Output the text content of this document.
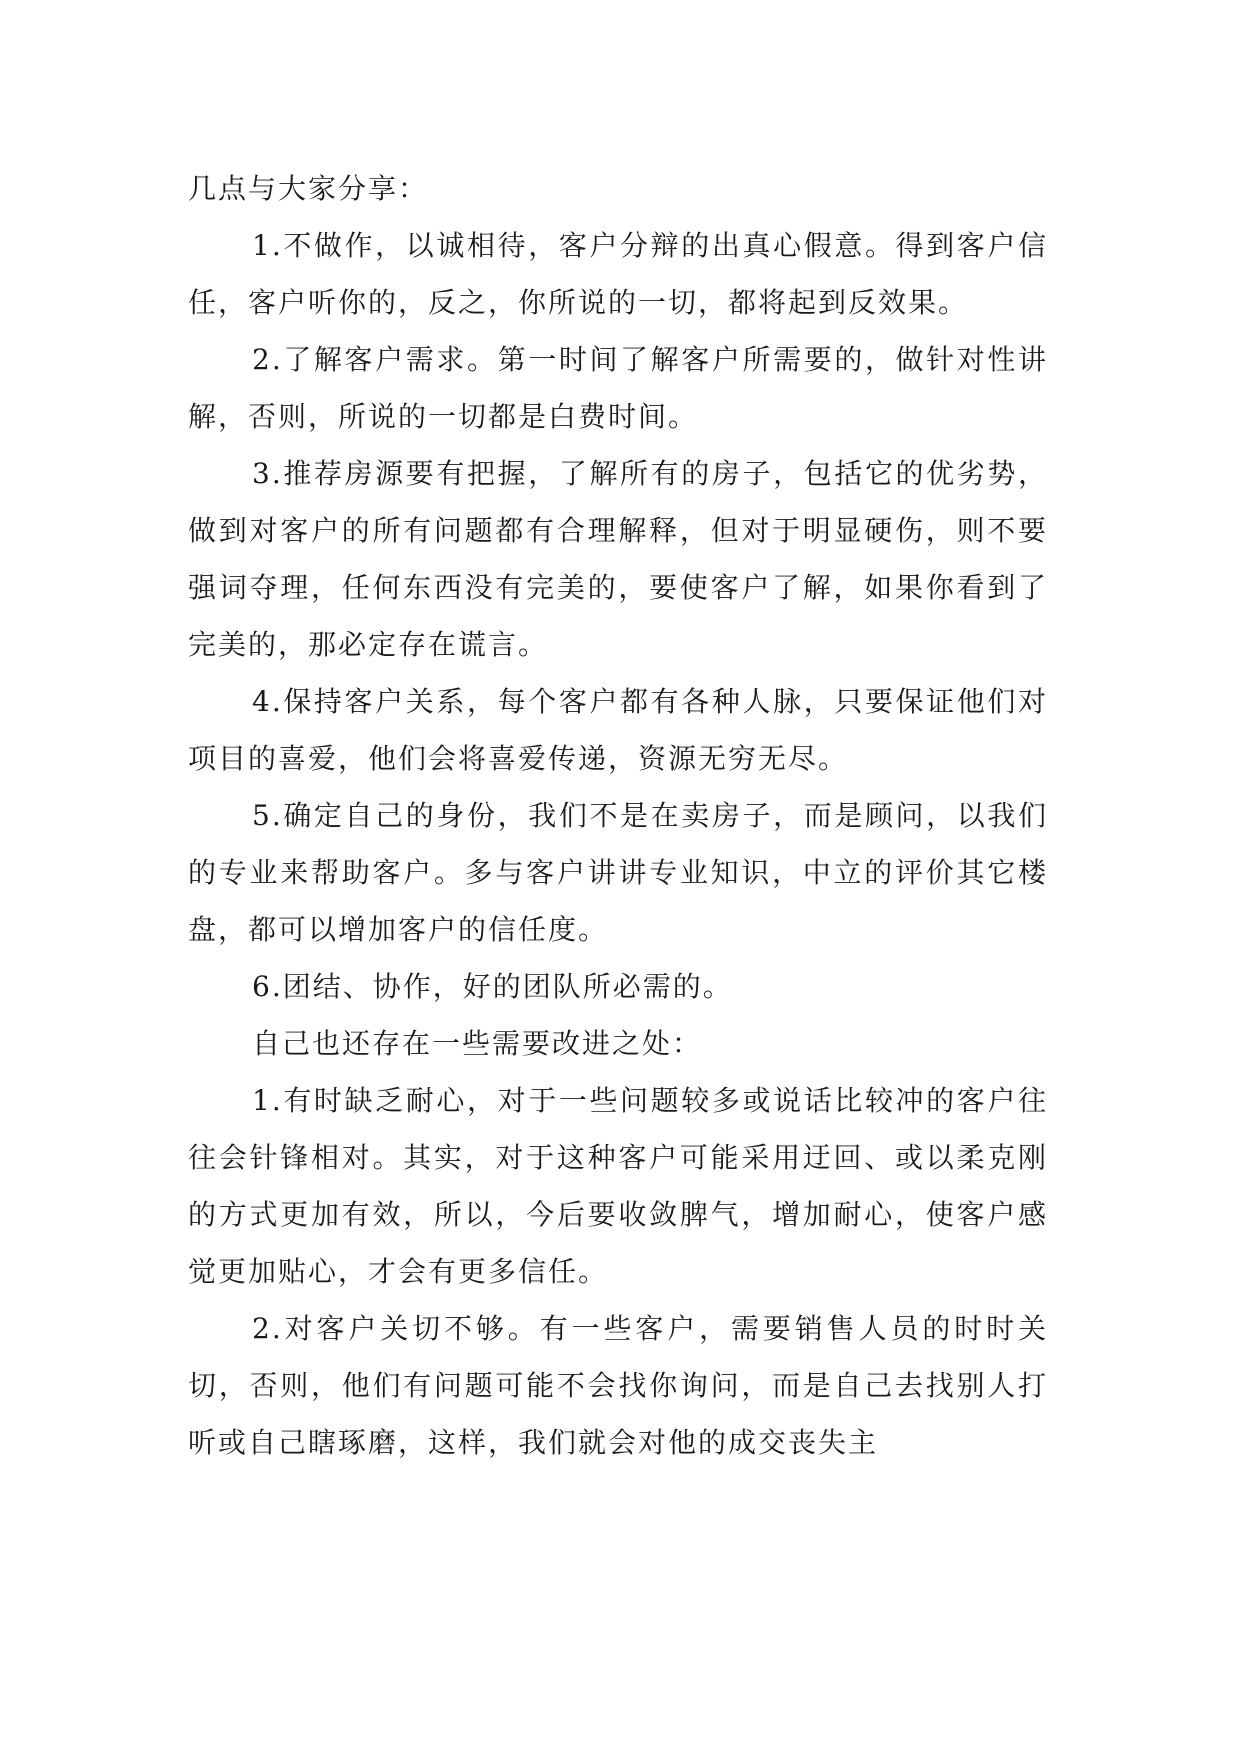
几点与大家分享：

1.不做作，以诚相待，客户分辩的出真心假意。得到客户信任，客户听你的，反之，你所说的一切，都将起到反效果。

2.了解客户需求。第一时间了解客户所需要的，做针对性讲解，否则，所说的一切都是白费时间。

3.推荐房源要有把握，了解所有的房子，包括它的优劣势，做到对客户的所有问题都有合理解释，但对于明显硬伤，则不要强词夺理，任何东西没有完美的，要使客户了解，如果你看到了完美的，那必定存在谎言。

4.保持客户关系，每个客户都有各种人脉，只要保证他们对项目的喜爱，他们会将喜爱传递，资源无穷无尽。

5.确定自己的身份，我们不是在卖房子，而是顾问，以我们的专业来帮助客户。多与客户讲讲专业知识，中立的评价其它楼盘，都可以增加客户的信任度。

6.团结、协作，好的团队所必需的。

自己也还存在一些需要改进之处：

1.有时缺乏耐心，对于一些问题较多或说话比较冲的客户往往会针锋相对。其实，对于这种客户可能采用迂回、或以柔克刚的方式更加有效，所以，今后要收敛脾气，增加耐心，使客户感觉更加贴心，才会有更多信任。

2.对客户关切不够。有一些客户，需要销售人员的时时关切，否则，他们有问题可能不会找你询问，而是自己去找别人打听或自己瞎琢磨，这样，我们就会对他的成交丧失主
